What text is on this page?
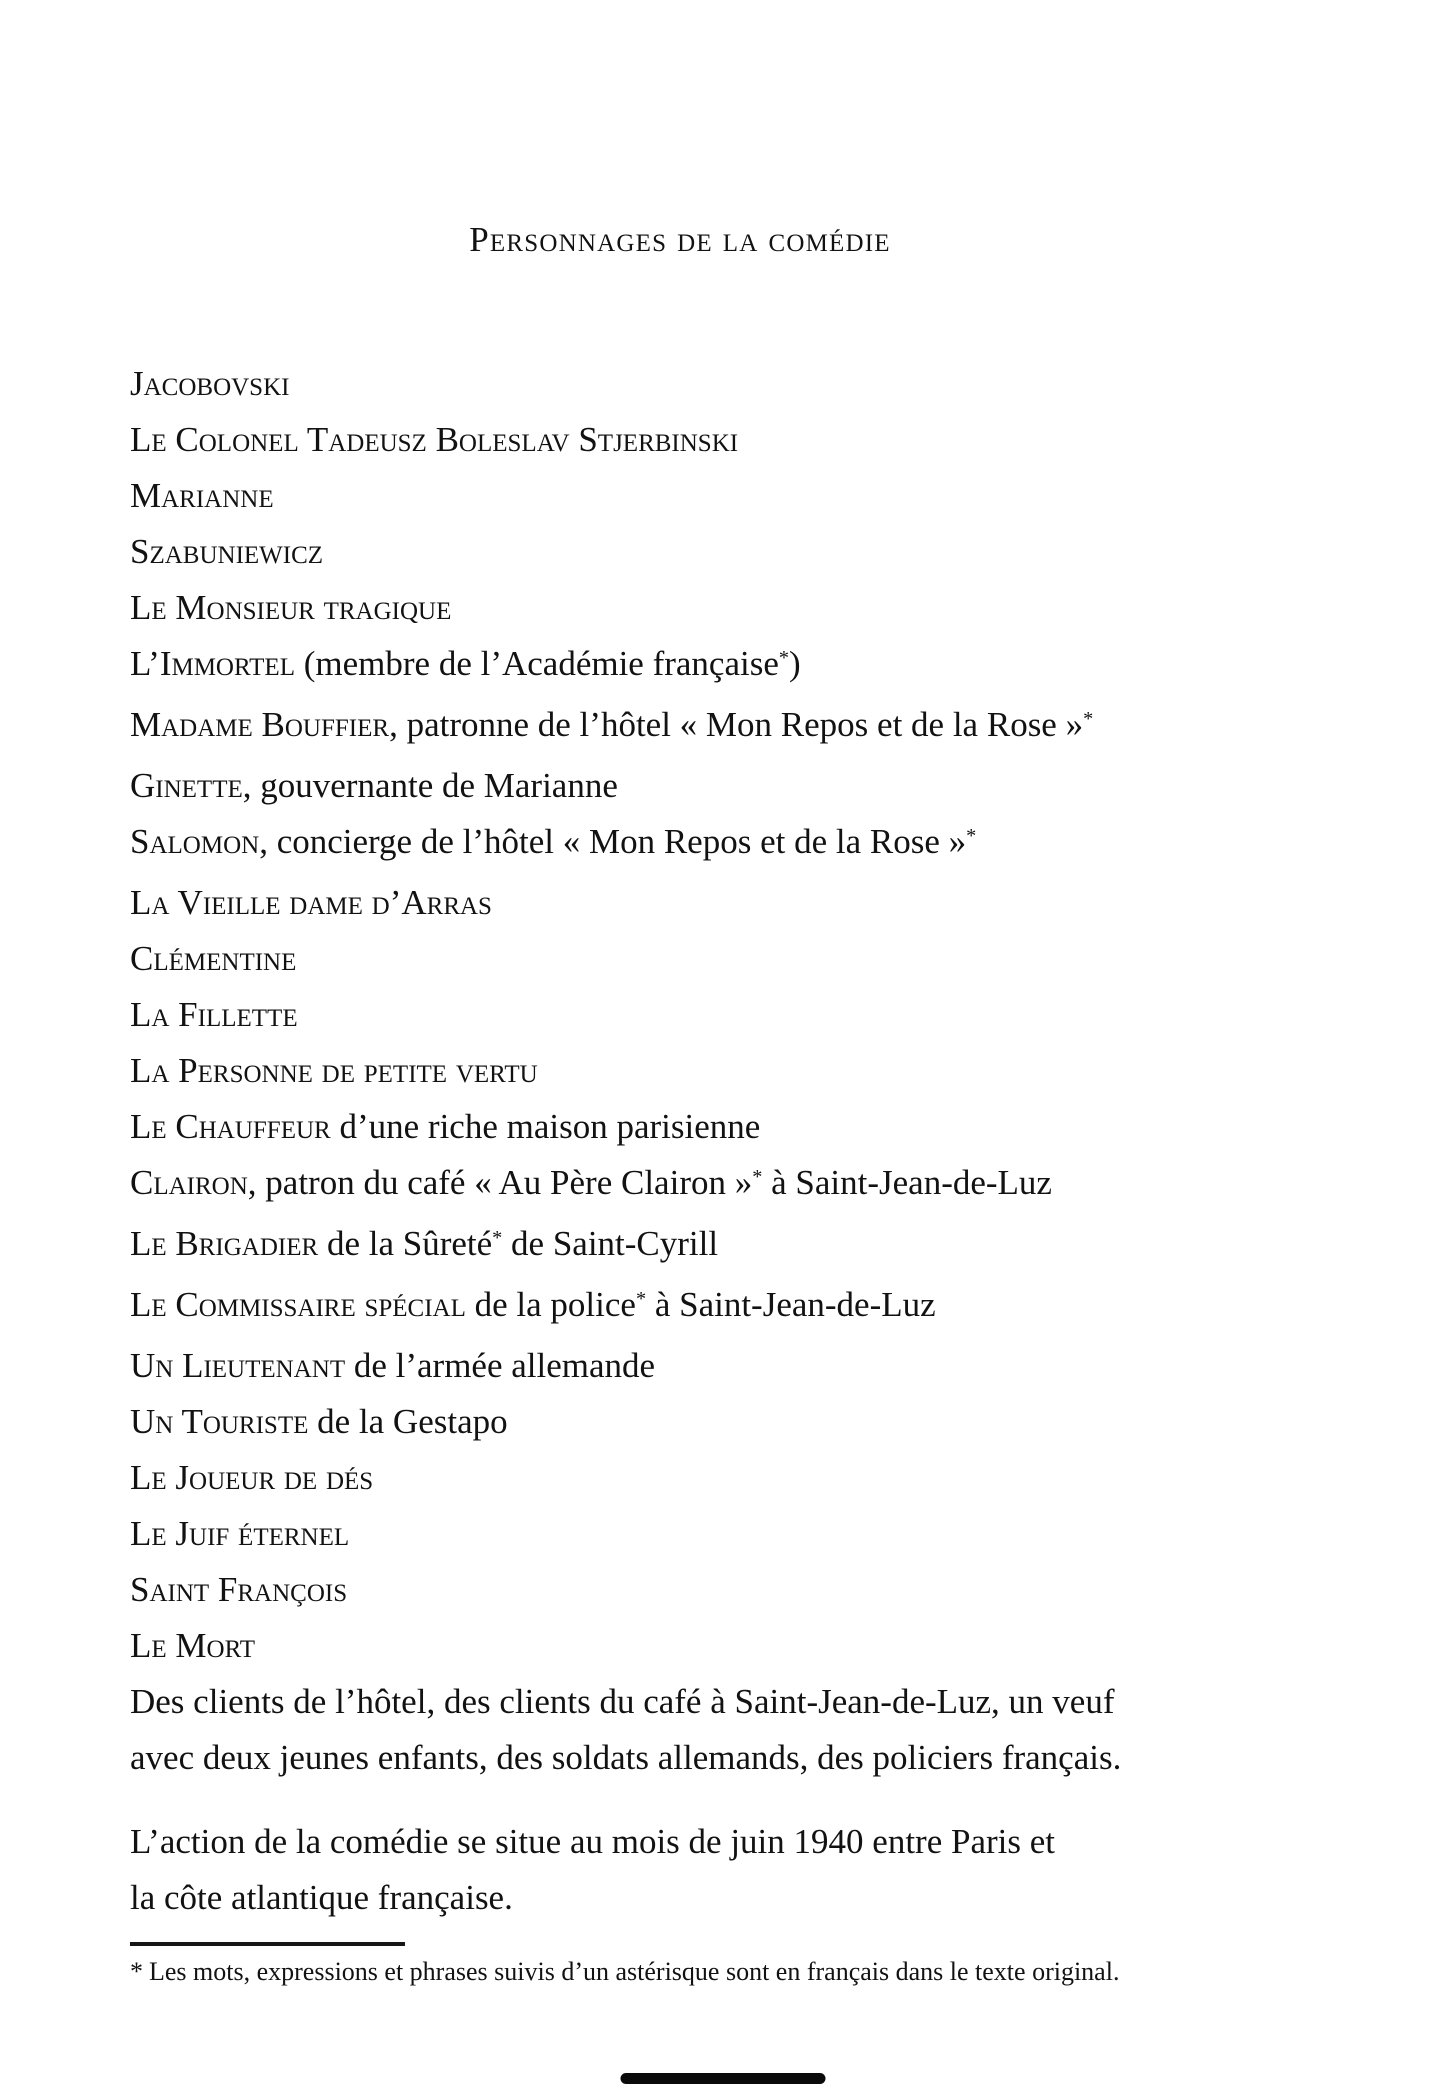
Personnages de la comédie
Jacobovski
Le Colonel Tadeusz Boleslav Stjerbinski
Marianne
Szabuniewicz
Le Monsieur tragique
L’Immortel (membre de l’Académie française*)
Madame Bouffier, patronne de l’hôtel « Mon Repos et de la Rose »*
Ginette, gouvernante de Marianne
Salomon, concierge de l’hôtel « Mon Repos et de la Rose »*
La Vieille dame d’Arras
Clémentine
La Fillette
La Personne de petite vertu
Le Chauffeur d’une riche maison parisienne
Clairon, patron du café « Au Père Clairon »* à Saint-Jean-de-Luz
Le Brigadier de la Sûreté* de Saint-Cyrill
Le Commissaire spécial de la police* à Saint-Jean-de-Luz
Un Lieutenant de l’armée allemande
Un Touriste de la Gestapo
Le Joueur de dés
Le Juif éternel
Saint François
Le Mort
Des clients de l’hôtel, des clients du café à Saint-Jean-de-Luz, un veuf
avec deux jeunes enfants, des soldats allemands, des policiers français.
L’action de la comédie se situe au mois de juin 1940 entre Paris et
la côte atlantique française.
* Les mots, expressions et phrases suivis d’un astérisque sont en français dans le texte original.
